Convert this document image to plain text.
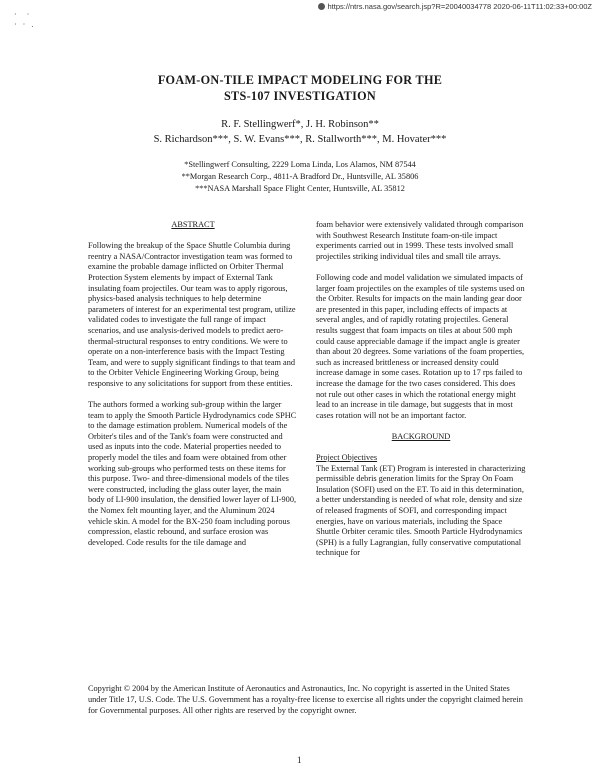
https://ntrs.nasa.gov/search.jsp?R=20040034778 2020-06-11T11:02:33+00:00Z
·  ·
· · .
FOAM-ON-TILE IMPACT MODELING FOR THE
STS-107 INVESTIGATION
R. F. Stellingwerf*, J. H. Robinson**
S. Richardson***, S. W. Evans***, R. Stallworth***, M. Hovater***
*Stellingwerf Consulting, 2229 Loma Linda, Los Alamos, NM 87544
**Morgan Research Corp., 4811-A Bradford Dr., Huntsville, AL 35806
***NASA Marshall Space Flight Center, Huntsville, AL 35812
ABSTRACT

Following the breakup of the Space Shuttle Columbia during reentry a NASA/Contractor investigation team was formed to examine the probable damage inflicted on Orbiter Thermal Protection System elements by impact of External Tank insulating foam projectiles. Our team was to apply rigorous, physics-based analysis techniques to help determine parameters of interest for an experimental test program, utilize validated codes to investigate the full range of impact scenarios, and use analysis-derived models to predict aero-thermal-structural responses to entry conditions. We were to operate on a non-interference basis with the Impact Testing Team, and were to supply significant findings to that team and to the Orbiter Vehicle Engineering Working Group, being responsive to any solicitations for support from these entities.

The authors formed a working sub-group within the larger team to apply the Smooth Particle Hydrodynamics code SPHC to the damage estimation problem. Numerical models of the Orbiter's tiles and of the Tank's foam were constructed and used as inputs into the code. Material properties needed to properly model the tiles and foam were obtained from other working sub-groups who performed tests on these items for this purpose. Two- and three-dimensional models of the tiles were constructed, including the glass outer layer, the main body of LI-900 insulation, the densified lower layer of LI-900, the Nomex felt mounting layer, and the Aluminum 2024 vehicle skin. A model for the BX-250 foam including porous compression, elastic rebound, and surface erosion was developed. Code results for the tile damage and

foam behavior were extensively validated through comparison with Southwest Research Institute foam-on-tile impact experiments carried out in 1999. These tests involved small projectiles striking individual tiles and small tile arrays.

Following code and model validation we simulated impacts of larger foam projectiles on the examples of tile systems used on the Orbiter. Results for impacts on the main landing gear door are presented in this paper, including effects of impacts at several angles, and of rapidly rotating projectiles. General results suggest that foam impacts on tiles at about 500 mph could cause appreciable damage if the impact angle is greater than about 20 degrees. Some variations of the foam properties, such as increased brittleness or increased density could increase damage in some cases. Rotation up to 17 rps failed to increase the damage for the two cases considered. This does not rule out other cases in which the rotational energy might lead to an increase in tile damage, but suggests that in most cases rotation will not be an important factor.

BACKGROUND
Project Objectives

The External Tank (ET) Program is interested in characterizing permissible debris generation limits for the Spray On Foam Insulation (SOFI) used on the ET. To aid in this determination, a better understanding is needed of what role, density and size of released fragments of SOFI, and corresponding impact energies, have on various materials, including the Space Shuttle Orbiter ceramic tiles. Smooth Particle Hydrodynamics (SPH) is a fully Lagrangian, fully conservative computational technique for

Copyright © 2004 by the American Institute of Aeronautics and Astronautics, Inc. No copyright is asserted in the United States under Title 17, U.S. Code. The U.S. Government has a royalty-free license to exercise all rights under the copyright claimed herein for Governmental purposes. All other rights are reserved by the copyright owner.
1
